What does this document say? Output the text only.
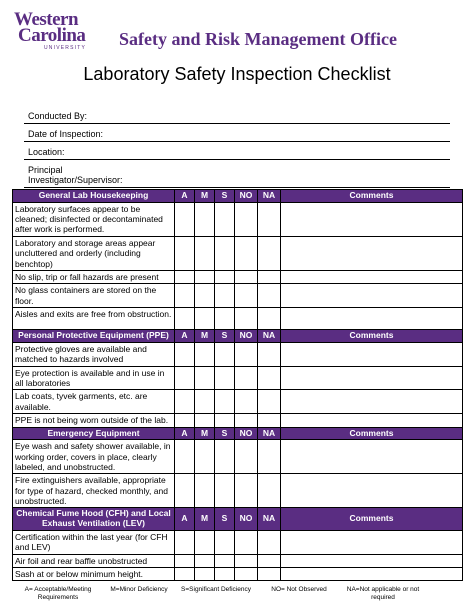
Western
Carolina
UNIVERSITY Safety and Risk Management Office
Laboratory Safety Inspection Checklist
Conducted By:
Date of Inspection:
Location:
Principal
Investigator/Supervisor:
General Lab Housekeeping	A	M	S	NO	NA	Comments
Laboratory surfaces appear to be cleaned; disinfected or decontaminated after work is performed.						
Laboratory and storage areas appear uncluttered and orderly (including benchtop)						
No slip, trip or fall hazards are present						
No glass containers are stored on the floor.						
Aisles and exits are free from obstruction.						
Personal Protective Equipment (PPE)	A	M	S	NO	NA	Comments
Protective gloves are available and matched to hazards involved						
Eye protection is available and in use in all laboratories						
Lab coats, tyvek garments, etc. are available.						
PPE is not being worn outside of the lab.						
Emergency Equipment	A	M	S	NO	NA	Comments
Eye wash and safety shower available, in working order, covers in place, clearly labeled, and unobstructed.						
Fire extinguishers available, appropriate for type of hazard, checked monthly, and unobstructed.						
Chemical Fume Hood (CFH) and Local Exhaust Ventilation (LEV)	A	M	S	NO	NA	Comments
Certification within the last year (for CFH and LEV)						
Air foil and rear baffle unobstructed						
Sash at or below minimum height.						
A= Acceptable/Meeting Requirements
M=Minor Deficiency	S=Significant Deficiency	NO= Not Observed	NA=Not applicable or not required
